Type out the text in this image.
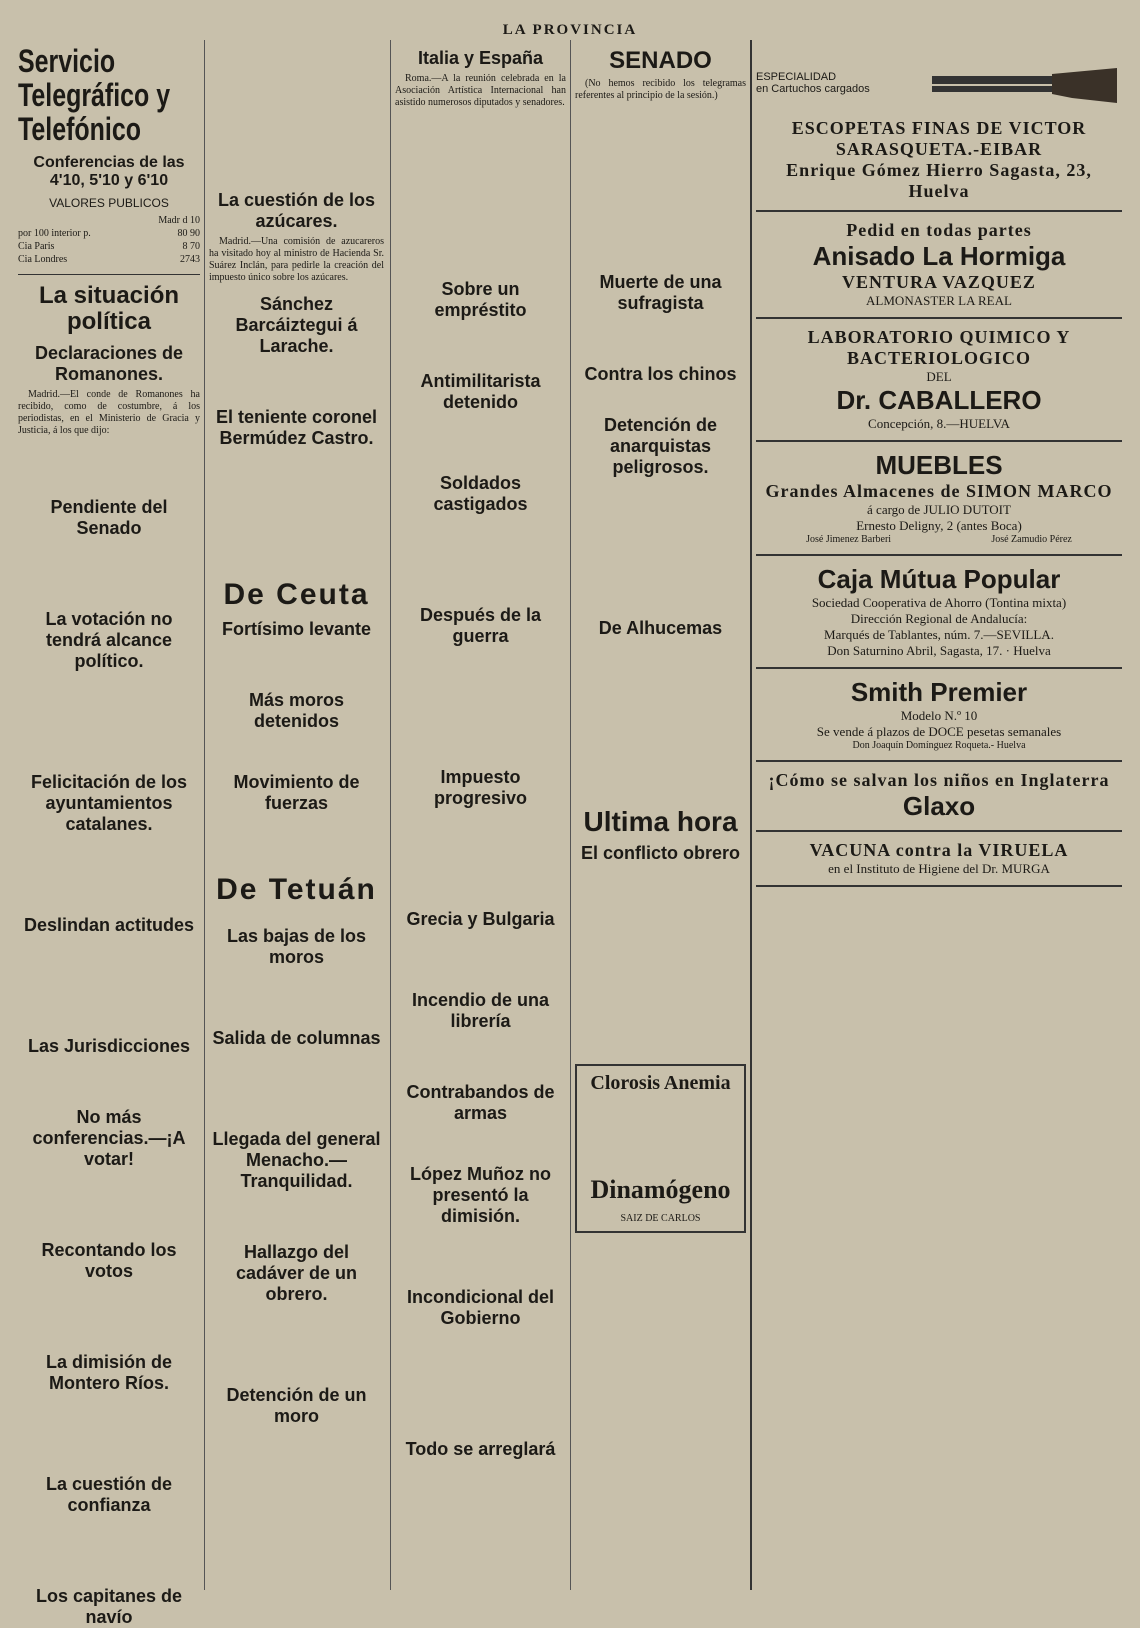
LA PROVINCIA
Servicio Telegráfico y Telefónico
Conferencias de las 4'10, 5'10 y 6'10
VALORES PUBLICOS
	Madr d 10
por 100 interior p.	80 90
Cia Paris	8 70
Cia Londres	2743
La situación política
Declaraciones de Romanones.

Madrid.—El conde de Romanones ha recibido, como de costumbre, á los periodistas, en el Ministerio de Gracia y Justicia, á los que dijo:

Pendiente del Senado
La votación no tendrá alcance político.
Felicitación de los ayuntamientos catalanes.
Deslindan actitudes
Las Jurisdicciones
No más conferencias.—¡A votar!
Recontando los votos
La dimisión de Montero Ríos.
La cuestión de confianza
Los capitanes de navío
La cuestión de los azúcares.

Madrid.—Una comisión de azucareros ha visitado hoy al ministro de Hacienda Sr. Suárez Inclán, para pedirle la creación del impuesto único sobre los azúcares.

Sánchez Barcáiztegui á Larache.
El teniente coronel Bermúdez Castro.
De Ceuta
Fortísimo levante
Más moros detenidos
Movimiento de fuerzas
De Tetuán
Las bajas de los moros
Salida de columnas
Llegada del general Menacho.—Tranquilidad.
Hallazgo del cadáver de un obrero.
Detención de un moro
Italia y España

Roma.—A la reunión celebrada en la Asociación Artística Internacional han asistido numerosos diputados y senadores.

Sobre un empréstito
Antimilitarista detenido
Soldados castigados
Después de la guerra
Impuesto progresivo
Grecia y Bulgaria
Incendio de una librería
Contrabandos de armas
López Muñoz no presentó la dimisión.
Incondicional del Gobierno
Todo se arreglará
SENADO

(No hemos recibido los telegramas referentes al principio de la sesión.)

Muerte de una sufragista
Contra los chinos
Detención de anarquistas peligrosos.
De Alhucemas
Ultima hora
El conflicto obrero
Clorosis Anemia
Dinamógeno
SAIZ DE CARLOS
ESPECIALIDAD
en Cartuchos cargados
ESCOPETAS FINAS DE VICTOR SARASQUETA.-EIBAR
Enrique Gómez Hierro Sagasta, 23, Huelva
Pedid en todas partes
Anisado La Hormiga
VENTURA VAZQUEZ
ALMONASTER LA REAL
LABORATORIO QUIMICO Y BACTERIOLOGICO
DEL
Dr. CABALLERO
Concepción, 8.—HUELVA
MUEBLES
Grandes Almacenes de SIMON MARCO
á cargo de JULIO DUTOIT
Ernesto Deligny, 2 (antes Boca)
José Jimenez Barberi	José Zamudio Pérez
Caja Mútua Popular
Sociedad Cooperativa de Ahorro (Tontina mixta)
Dirección Regional de Andalucía:
Marqués de Tablantes, núm. 7.—SEVILLA.
Don Saturnino Abril, Sagasta, 17. · Huelva
Smith Premier
Modelo N.º 10
Se vende á plazos de DOCE pesetas semanales
Don Joaquín Domínguez Roqueta.- Huelva
¡Cómo se salvan los niños en Inglaterra
Glaxo
VACUNA contra la VIRUELA
en el Instituto de Higiene del Dr. MURGA
